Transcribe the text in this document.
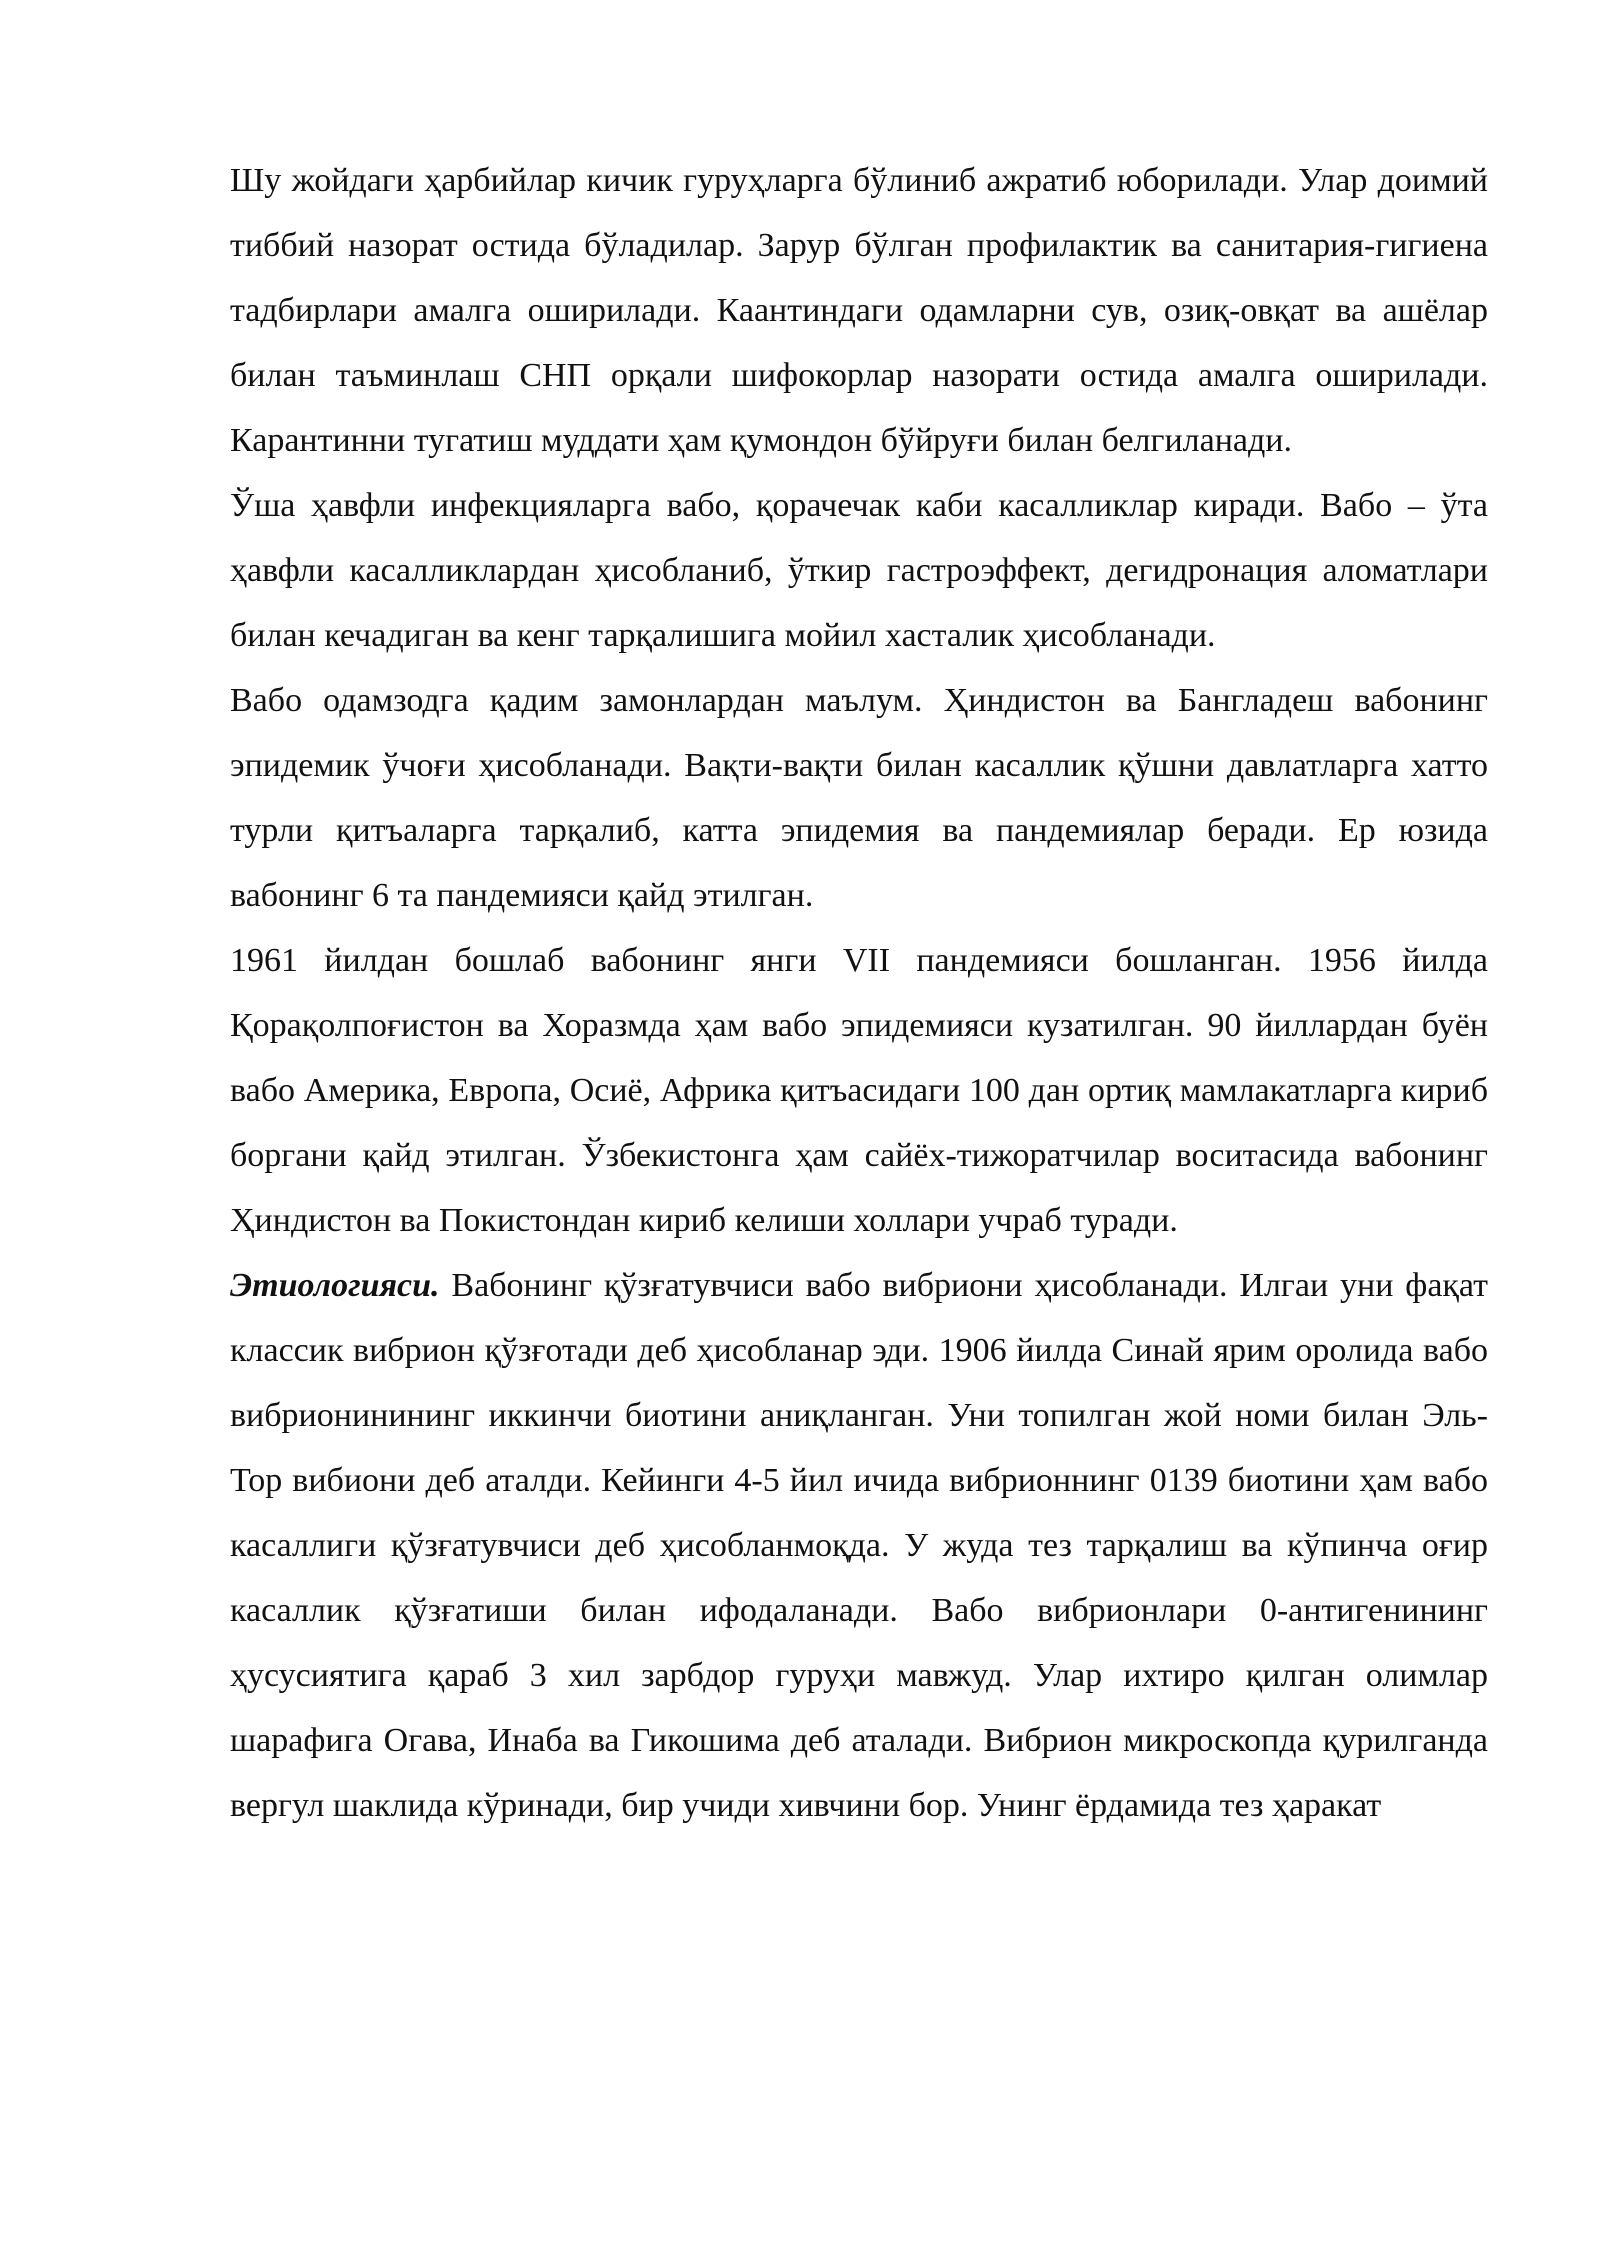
Шу жойдаги ҳарбийлар кичик гуруҳларга бўлиниб ажратиб юборилади. Улар доимий тиббий назорат остида бўладилар. Зарур бўлган профилактик ва санитария-гигиена тадбирлари амалга оширилади. Каантиндаги одамларни сув, озиқ-овқат ва ашёлар билан таъминлаш СНП орқали шифокорлар назорати остида амалга оширилади. Карантинни тугатиш муддати ҳам қумондон бўйруғи билан белгиланади.

Ўша ҳавфли инфекцияларга вабо, қорачечак каби касалликлар киради. Вабо – ўта ҳавфли касалликлардан ҳисобланиб, ўткир гастроэффект, дегидронация аломатлари билан кечадиган ва кенг тарқалишига мойил хасталик ҳисобланади.

Вабо одамзодга қадим замонлардан маълум. Ҳиндистон ва Бангладеш вабонинг эпидемик ўчоғи ҳисобланади. Вақти-вақти билан касаллик қўшни давлатларга хатто турли қитъаларга тарқалиб, катта эпидемия ва пандемиялар беради. Ер юзида вабонинг 6 та пандемияси қайд этилган.

1961 йилдан бошлаб вабонинг янги VII пандемияси бошланган. 1956 йилда Қорақолпоғистон ва Хоразмда ҳам вабо эпидемияси кузатилган. 90 йиллардан буён вабо Америка, Европа, Осиё, Африка қитъасидаги 100 дан ортиқ мамлакатларга кириб боргани қайд этилган. Ўзбекистонга ҳам сайёх-тижоратчилар воситасида вабонинг Ҳиндистон ва Покистондан кириб келиши холлари учраб туради.

Этиологияси. Вабонинг қўзғатувчиси вабо вибриони ҳисобланади. Илгаи уни фақат классик вибрион қўзғотади деб ҳисобланар эди. 1906 йилда Синай ярим оролида вабо вибрионинининг иккинчи биотини аниқланган. Уни топилган жой номи билан Эль-Тор вибиони деб аталди. Кейинги 4-5 йил ичида вибрионнинг 0139 биотини ҳам вабо касаллиги қўзғатувчиси деб ҳисобланмоқда. У жуда тез тарқалиш ва кўпинча оғир касаллик қўзғатиши билан ифодаланади. Вабо вибрионлари 0-антигенининг ҳусусиятига қараб 3 хил зарбдор гуруҳи мавжуд. Улар ихтиро қилган олимлар шарафига Огава, Инаба ва Гикошима деб аталади. Вибрион микроскопда қурилганда вергул шаклида кўринади, бир учиди хивчини бор. Унинг ёрдамида тез ҳаракат
